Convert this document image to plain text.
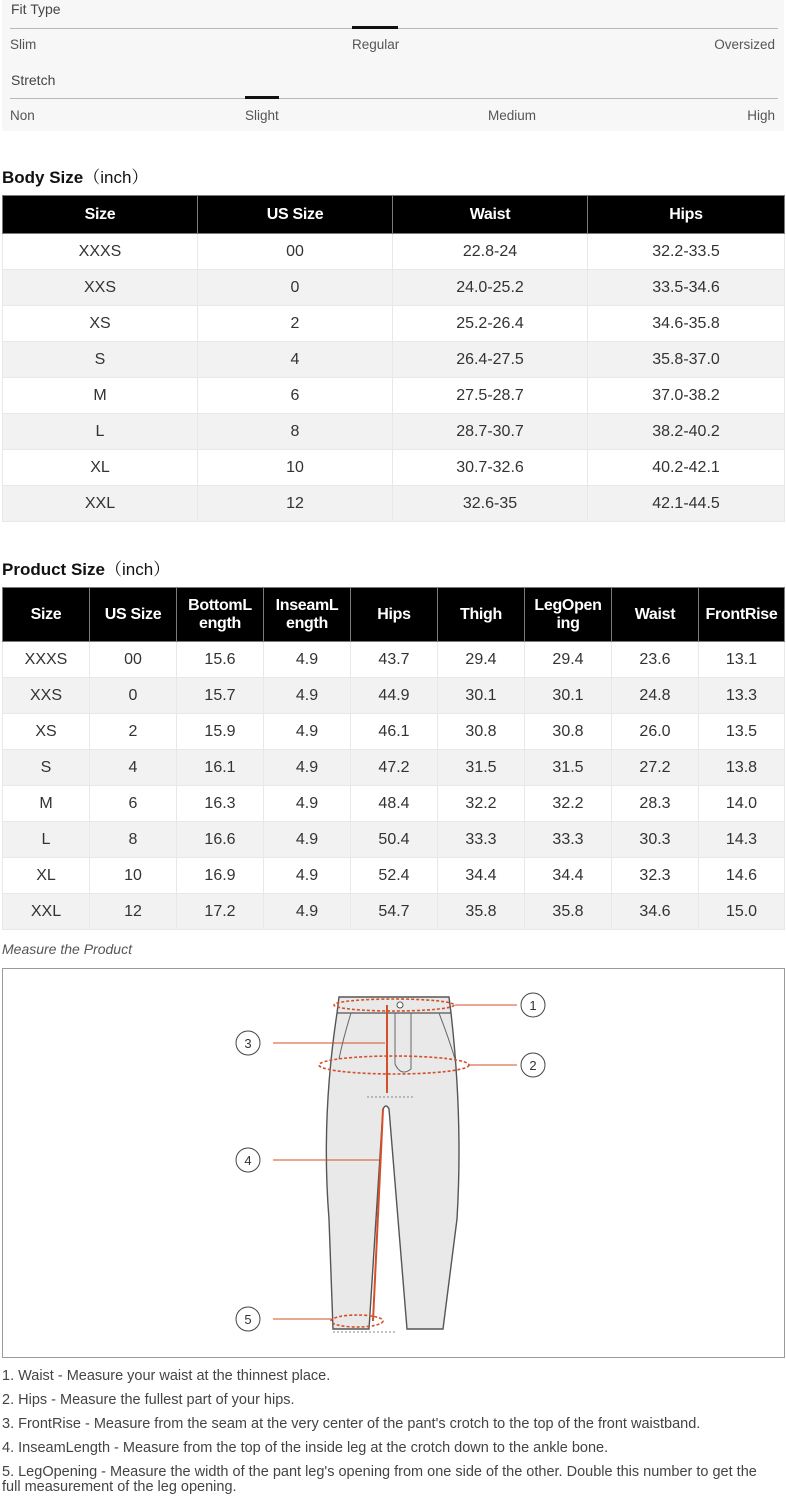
Fit Type
Slim	Regular	Oversized
Stretch
Non	Slight	Medium	High
Body Size（inch）
Size	US Size	Waist	Hips
XXXS	00	22.8-24	32.2-33.5
XXS	0	24.0-25.2	33.5-34.6
XS	2	25.2-26.4	34.6-35.8
S	4	26.4-27.5	35.8-37.0
M	6	27.5-28.7	37.0-38.2
L	8	28.7-30.7	38.2-40.2
XL	10	30.7-32.6	40.2-42.1
XXL	12	32.6-35	42.1-44.5
Product Size（inch）
Size	US Size	BottomL ength	InseamL ength	Hips	Thigh	LegOpen ing	Waist	FrontRise
XXXS	00	15.6	4.9	43.7	29.4	29.4	23.6	13.1
XXS	0	15.7	4.9	44.9	30.1	30.1	24.8	13.3
XS	2	15.9	4.9	46.1	30.8	30.8	26.0	13.5
S	4	16.1	4.9	47.2	31.5	31.5	27.2	13.8
M	6	16.3	4.9	48.4	32.2	32.2	28.3	14.0
L	8	16.6	4.9	50.4	33.3	33.3	30.3	14.3
XL	10	16.9	4.9	52.4	34.4	34.4	32.3	14.6
XXL	12	17.2	4.9	54.7	35.8	35.8	34.6	15.0
Measure the Product
1
2
3
4
5
1. Waist - Measure your waist at the thinnest place.
2. Hips - Measure the fullest part of your hips.
3. FrontRise - Measure from the seam at the very center of the pant's crotch to the top of the front waistband.
4. InseamLength - Measure from the top of the inside leg at the crotch down to the ankle bone.
5. LegOpening - Measure the width of the pant leg's opening from one side of the other. Double this number to get the full measurement of the leg opening.
